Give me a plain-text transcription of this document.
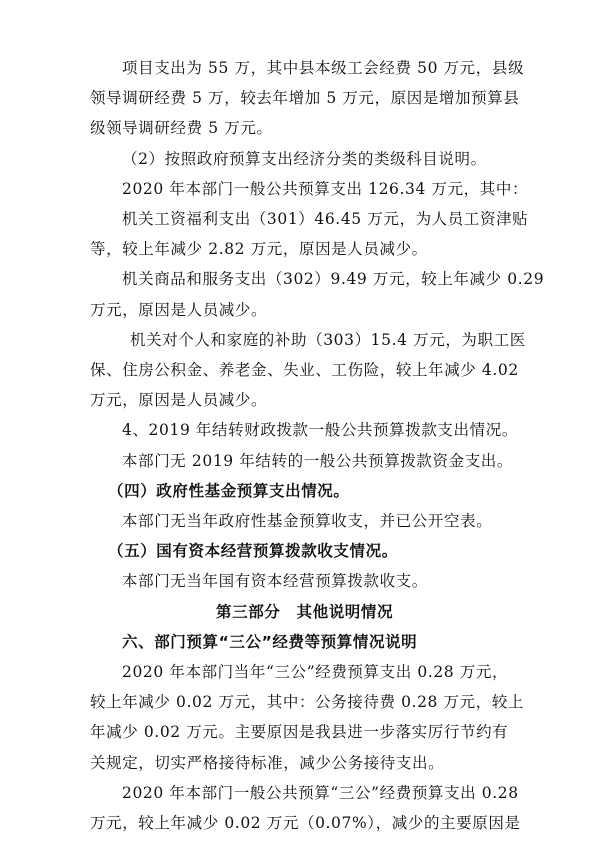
项目支出为 55 万，其中县本级工会经费 50 万元，县级
领导调研经费 5 万，较去年增加 5 万元，原因是增加预算县
级领导调研经费 5 万元。
（2）按照政府预算支出经济分类的类级科目说明。
2020 年本部门一般公共预算支出 126.34 万元，其中：
机关工资福利支出（301）46.45 万元，为人员工资津贴
等，较上年减少 2.82 万元，原因是人员减少。
机关商品和服务支出（302）9.49 万元，较上年减少 0.29
万元，原因是人员减少。
机关对个人和家庭的补助（303）15.4 万元，为职工医
保、住房公积金、养老金、失业、工伤险，较上年减少 4.02
万元，原因是人员减少。
4、2019 年结转财政拨款一般公共预算拨款支出情况。
本部门无 2019 年结转的一般公共预算拨款资金支出。
（四）政府性基金预算支出情况。
本部门无当年政府性基金预算收支，并已公开空表。
（五）国有资本经营预算拨款收支情况。
本部门无当年国有资本经营预算拨款收支。
第三部分　其他说明情况
六、部门预算“三公”经费等预算情况说明
2020 年本部门当年“三公”经费预算支出 0.28 万元，
较上年减少 0.02 万元，其中：公务接待费 0.28 万元，较上
年减少 0.02 万元。主要原因是我县进一步落实厉行节约有
关规定，切实严格接待标准，减少公务接待支出。
2020 年本部门一般公共预算“三公”经费预算支出 0.28
万元，较上年减少 0.02 万元（0.07%），减少的主要原因是
